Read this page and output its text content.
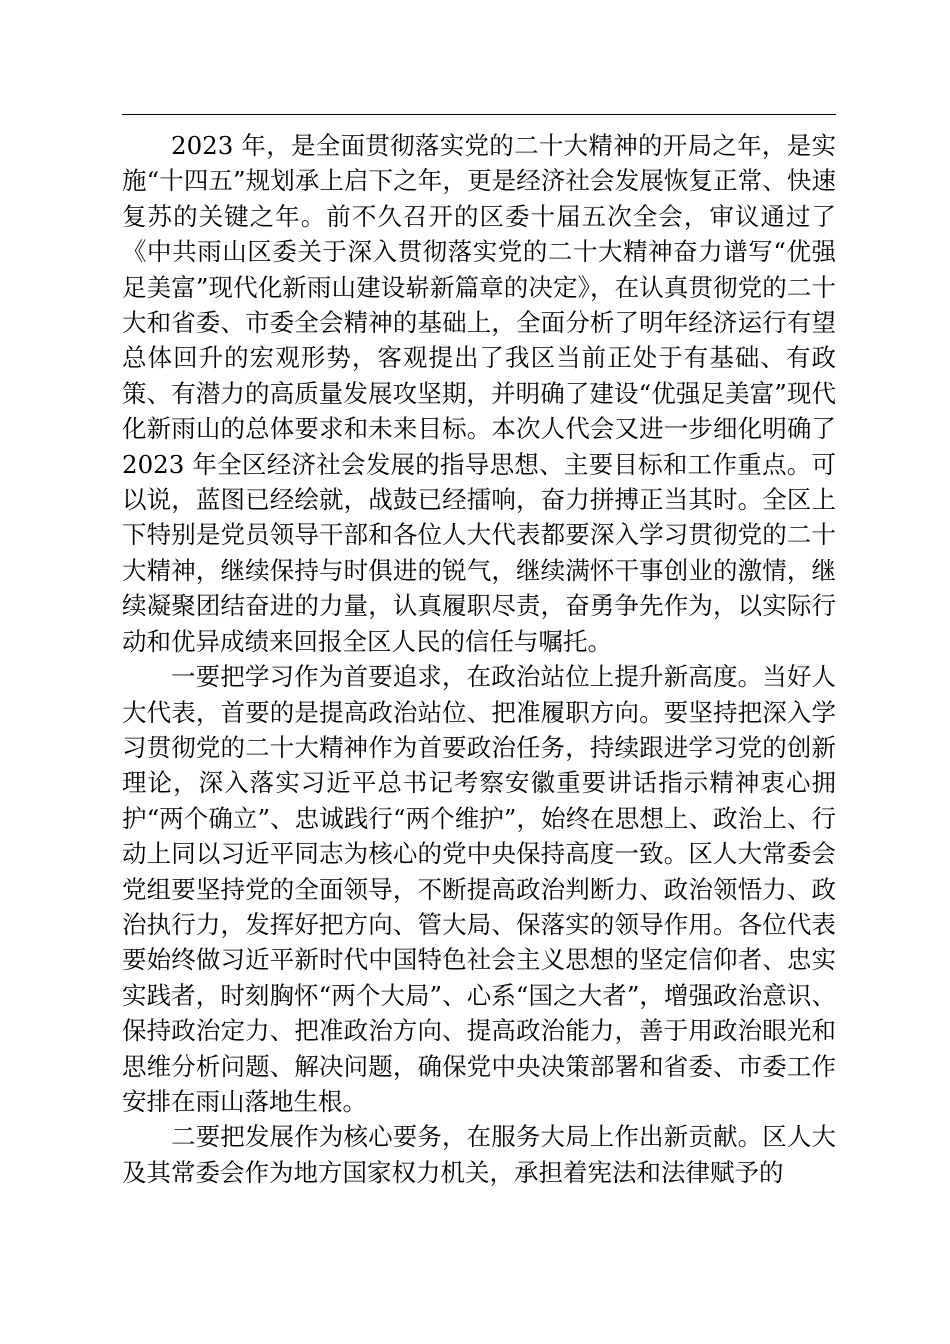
2023 年，是全面贯彻落实党的二十大精神的开局之年，是实施“十四五”规划承上启下之年，更是经济社会发展恢复正常、快速复苏的关键之年。前不久召开的区委十届五次全会，审议通过了《中共雨山区委关于深入贯彻落实党的二十大精神奋力谱写“优强足美富”现代化新雨山建设崭新篇章的决定》，在认真贯彻党的二十大和省委、市委全会精神的基础上，全面分析了明年经济运行有望总体回升的宏观形势，客观提出了我区当前正处于有基础、有政策、有潜力的高质量发展攻坚期，并明确了建设“优强足美富”现代化新雨山的总体要求和未来目标。本次人代会又进一步细化明确了 2023 年全区经济社会发展的指导思想、主要目标和工作重点。可以说，蓝图已经绘就，战鼓已经擂响，奋力拼搏正当其时。全区上下特别是党员领导干部和各位人大代表都要深入学习贯彻党的二十大精神，继续保持与时俱进的锐气，继续满怀干事创业的激情，继续凝聚团结奋进的力量，认真履职尽责，奋勇争先作为，以实际行动和优异成绩来回报全区人民的信任与嘱托。

一要把学习作为首要追求，在政治站位上提升新高度。当好人大代表，首要的是提高政治站位、把准履职方向。要坚持把深入学习贯彻党的二十大精神作为首要政治任务，持续跟进学习党的创新理论，深入落实习近平总书记考察安徽重要讲话指示精神衷心拥护“两个确立”、忠诚践行“两个维护”，始终在思想上、政治上、行动上同以习近平同志为核心的党中央保持高度一致。区人大常委会党组要坚持党的全面领导，不断提高政治判断力、政治领悟力、政治执行力，发挥好把方向、管大局、保落实的领导作用。各位代表要始终做习近平新时代中国特色社会主义思想的坚定信仰者、忠实实践者，时刻胸怀“两个大局”、心系“国之大者”，增强政治意识、保持政治定力、把准政治方向、提高政治能力，善于用政治眼光和思维分析问题、解决问题，确保党中央决策部署和省委、市委工作安排在雨山落地生根。

二要把发展作为核心要务，在服务大局上作出新贡献。区人大及其常委会作为地方国家权力机关，承担着宪法和法律赋予的
